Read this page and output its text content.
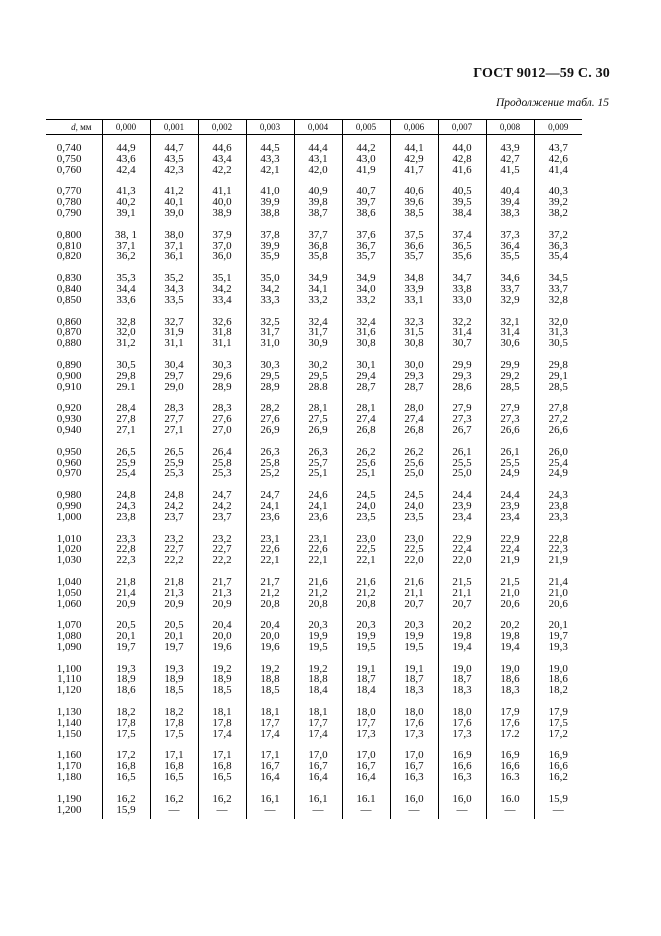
ГОСТ 9012—59 С. 30
Продолжение табл. 15
d, мм	0,000	0,001	0,002	0,003	0,004	0,005	0,006	0,007	0,008	0,009

0,740	44,9	44,7	44,6	44,5	44,4	44,2	44,1	44,0	43,9	43,7
0,750	43,6	43,5	43,4	43,3	43,1	43,0	42,9	42,8	42,7	42,6
0,760	42,4	42,3	42,2	42,1	42,0	41,9	41,7	41,6	41,5	41,4

0,770	41,3	41,2	41,1	41,0	40,9	40,7	40,6	40,5	40,4	40,3
0,780	40,2	40,1	40,0	39,9	39,8	39,7	39,6	39,5	39,4	39,2
0,790	39,1	39,0	38,9	38,8	38,7	38,6	38,5	38,4	38,3	38,2

0,800	38, 1	38,0	37,9	37,8	37,7	37,6	37,5	37,4	37,3	37,2
0,810	37,1	37,1	37,0	39,9	36,8	36,7	36,6	36,5	36,4	36,3
0,820	36,2	36,1	36,0	35,9	35,8	35,7	35,7	35,6	35,5	35,4

0,830	35,3	35,2	35,1	35,0	34,9	34,9	34,8	34,7	34,6	34,5
0,840	34,4	34,3	34,2	34,2	34,1	34,0	33,9	33,8	33,7	33,7
0,850	33,6	33,5	33,4	33,3	33,2	33,2	33,1	33,0	32,9	32,8

0,860	32,8	32,7	32,6	32,5	32,4	32,4	32,3	32,2	32,1	32,0
0,870	32,0	31,9	31,8	31,7	31,7	31,6	31,5	31,4	31,4	31,3
0,880	31,2	31,1	31,1	31,0	30,9	30,8	30,8	30,7	30,6	30,5

0,890	30,5	30,4	30,3	30,3	30,2	30,1	30,0	29,9	29,9	29,8
0,900	29,8	29,7	29,6	29,5	29,5	29,4	29,3	29,3	29,2	29,1
0,910	29.1	29,0	28,9	28,9	28.8	28,7	28,7	28,6	28,5	28,5

0,920	28,4	28,3	28,3	28,2	28,1	28,1	28,0	27,9	27,9	27,8
0,930	27,8	27,7	27,6	27,6	27,5	27,4	27,4	27,3	27,3	27,2
0,940	27,1	27,1	27,0	26,9	26,9	26,8	26,8	26,7	26,6	26,6

0,950	26,5	26,5	26,4	26,3	26,3	26,2	26,2	26,1	26,1	26,0
0,960	25,9	25,9	25,8	25,8	25,7	25,6	25,6	25,5	25,5	25,4
0,970	25,4	25,3	25,3	25,2	25,1	25,1	25,0	25,0	24,9	24,9

0,980	24,8	24,8	24,7	24,7	24,6	24,5	24,5	24,4	24,4	24,3
0,990	24,3	24,2	24,2	24,1	24,1	24,0	24,0	23,9	23,9	23,8
1,000	23,8	23,7	23,7	23,6	23,6	23,5	23,5	23,4	23,4	23,3

1,010	23,3	23,2	23,2	23,1	23,1	23,0	23,0	22,9	22,9	22,8
1,020	22,8	22,7	22,7	22,6	22,6	22,5	22,5	22,4	22,4	22,3
1,030	22,3	22,2	22,2	22,1	22,1	22,1	22,0	22,0	21,9	21,9

1,040	21,8	21,8	21,7	21,7	21,6	21,6	21,6	21,5	21,5	21,4
1,050	21,4	21,3	21,3	21,2	21,2	21,2	21,1	21,1	21,0	21,0
1,060	20,9	20,9	20,9	20,8	20,8	20,8	20,7	20,7	20,6	20,6

1,070	20,5	20,5	20,4	20,4	20,3	20,3	20,3	20,2	20,2	20,1
1,080	20,1	20,1	20,0	20,0	19,9	19,9	19,9	19,8	19,8	19,7
1,090	19,7	19,7	19,6	19,6	19,5	19,5	19,5	19,4	19,4	19,3

1,100	19,3	19,3	19,2	19,2	19,2	19,1	19,1	19,0	19,0	19,0
1,110	18,9	18,9	18,9	18,8	18,8	18,7	18,7	18,7	18,6	18,6
1,120	18,6	18,5	18,5	18,5	18,4	18,4	18,3	18,3	18,3	18,2

1,130	18,2	18,2	18,1	18,1	18,1	18,0	18,0	18,0	17,9	17,9
1,140	17,8	17,8	17,8	17,7	17,7	17,7	17,6	17,6	17,6	17,5
1,150	17,5	17,5	17,4	17,4	17,4	17,3	17,3	17,3	17.2	17,2

1,160	17,2	17,1	17,1	17,1	17,0	17,0	17,0	16,9	16,9	16,9
1,170	16,8	16,8	16,8	16,7	16,7	16,7	16,7	16,6	16,6	16,6
1,180	16,5	16,5	16,5	16,4	16,4	16,4	16,3	16,3	16.3	16,2

1,190	16,2	16,2	16,2	16,1	16,1	16.1	16,0	16,0	16.0	15,9
1,200	15,9	—	—	—	—	—	—	—	—	—
